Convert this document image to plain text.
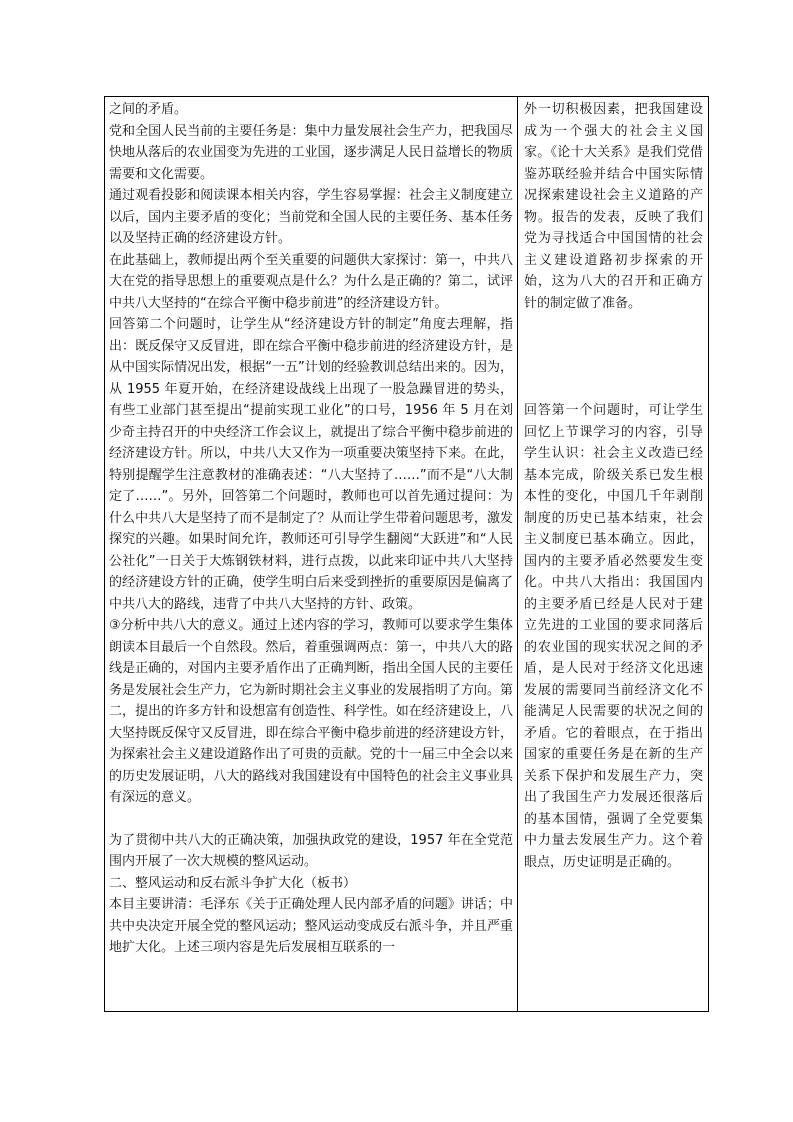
之间的矛盾。

党和全国人民当前的主要任务是：集中力量发展社会生产力，把我国尽快地从落后的农业国变为先进的工业国，逐步满足人民日益增长的物质需要和文化需要。

通过观看投影和阅读课本相关内容，学生容易掌握：社会主义制度建立以后，国内主要矛盾的变化；当前党和全国人民的主要任务、基本任务以及坚持正确的经济建设方针。

在此基础上，教师提出两个至关重要的问题供大家探讨：第一，中共八大在党的指导思想上的重要观点是什么？为什么是正确的？第二，试评中共八大坚持的“在综合平衡中稳步前进”的经济建设方针。

回答第二个问题时，让学生从“经济建设方针的制定”角度去理解，指出：既反保守又反冒进，即在综合平衡中稳步前进的经济建设方针，是从中国实际情况出发，根据“一五”计划的经验教训总结出来的。因为，从 1955 年夏开始，在经济建设战线上出现了一股急躁冒进的势头，有些工业部门甚至提出“提前实现工业化”的口号，1956 年 5 月在刘少奇主持召开的中央经济工作会议上，就提出了综合平衡中稳步前进的经济建设方针。所以，中共八大又作为一项重要决策坚持下来。在此，特别提醒学生注意教材的准确表述：“八大坚持了……”而不是“八大制定了……”。另外，回答第二个问题时，教师也可以首先通过提问：为什么中共八大是坚持了而不是制定了？从而让学生带着问题思考，激发探究的兴趣。如果时间允许，教师还可引导学生翻阅“大跃进”和“人民公社化”一日关于大炼钢铁材料，进行点拨，以此来印证中共八大坚持的经济建设方针的正确，使学生明白后来受到挫折的重要原因是偏离了中共八大的路线，违背了中共八大坚持的方针、政策。

③分析中共八大的意义。通过上述内容的学习，教师可以要求学生集体朗读本目最后一个自然段。然后，着重强调两点：第一，中共八大的路线是正确的，对国内主要矛盾作出了正确判断，指出全国人民的主要任务是发展社会生产力，它为新时期社会主义事业的发展指明了方向。第二，提出的许多方针和设想富有创造性、科学性。如在经济建设上，八大坚持既反保守又反冒进，即在综合平衡中稳步前进的经济建设方针，为探索社会主义建设道路作出了可贵的贡献。党的十一届三中全会以来的历史发展证明，八大的路线对我国建设有中国特色的社会主义事业具有深远的意义。

为了贯彻中共八大的正确决策，加强执政党的建设，1957 年在全党范围内开展了一次大规模的整风运动。

二、整风运动和反右派斗争扩大化（板书）

本目主要讲清：毛泽东《关于正确处理人民内部矛盾的问题》讲话；中共中央决定开展全党的整风运动；整风运动变成反右派斗争，并且严重地扩大化。上述三项内容是先后发展相互联系的一

外一切积极因素，把我国建设成为一个强大的社会主义国家。《论十大关系》是我们党借鉴苏联经验并结合中国实际情况探索建设社会主义道路的产物。报告的发表，反映了我们党为寻找适合中国国情的社会主义建设道路初步探索的开始，这为八大的召开和正确方针的制定做了准备。

回答第一个问题时，可让学生回忆上节课学习的内容，引导学生认识：社会主义改造已经基本完成，阶级关系已发生根本性的变化，中国几千年剥削制度的历史已基本结束，社会主义制度已基本确立。因此，国内的主要矛盾必然要发生变化。中共八大指出：我国国内的主要矛盾已经是人民对于建立先进的工业国的要求同落后的农业国的现实状况之间的矛盾，是人民对于经济文化迅速发展的需要同当前经济文化不能满足人民需要的状况之间的矛盾。它的着眼点，在于指出国家的重要任务是在新的生产关系下保护和发展生产力，突出了我国生产力发展还很落后的基本国情，强调了全党要集中力量去发展生产力。这个着眼点，历史证明是正确的。
